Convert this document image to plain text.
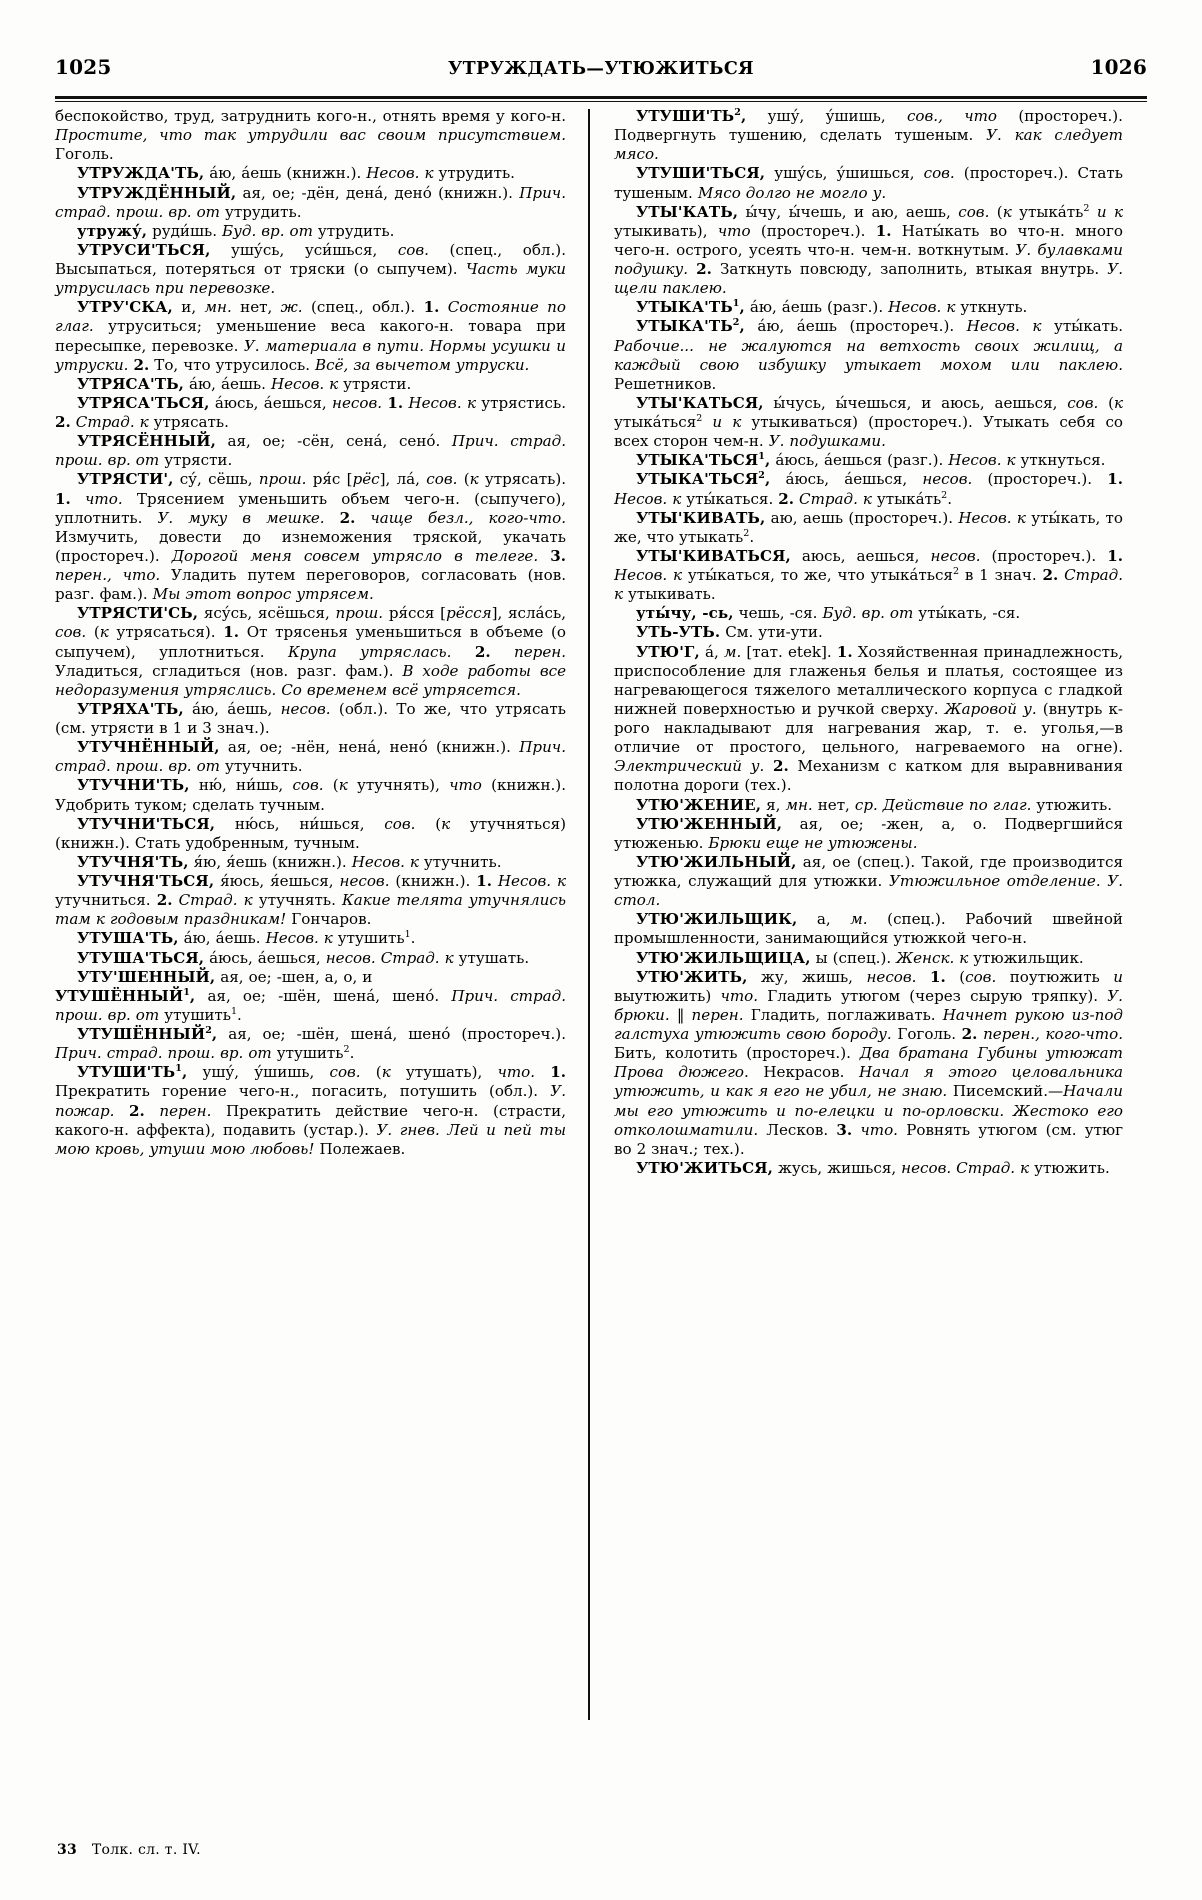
1025	УТРУЖДАТЬ—УТЮЖИТЬСЯ	1026

беспокойство, труд, затруднить кого-н., отнять время у кого-н. Простите, что так утрудили вас своим присутствием. Гоголь.

УТРУЖДА'ТЬ, а́ю, а́ешь (книжн.). Несов. к утрудить.

УТРУЖДЁННЫЙ, ая, ое; -дён, дена́, дено́ (книжн.). Прич. страд. прош. вр. от утрудить.

утружу́, руди́шь. Буд. вр. от утрудить.

УТРУСИ'ТЬСЯ, ушу́сь, уси́шься, сов. (спец., обл.). Высыпаться, потеряться от тряски (о сыпучем). Часть муки утрусилась при перевозке.

УТРУ'СКА, и, мн. нет, ж. (спец., обл.). 1. Состояние по глаг. утруситься; уменьшение веса какого-н. товара при пересыпке, перевозке. У. материала в пути. Нормы усушки и утруски. 2. То, что утрусилось. Всё, за вычетом утруски.

УТРЯСА'ТЬ, а́ю, а́ешь. Несов. к утрясти.

УТРЯСА'ТЬСЯ, а́юсь, а́ешься, несов. 1. Несов. к утрястись. 2. Страд. к утрясать.

УТРЯСЁННЫЙ, ая, ое; -сён, сена́, сено́. Прич. страд. прош. вр. от утрясти.

УТРЯСТИ', су́, сёшь, прош. ря́с [рёс], ла́, сов. (к утрясать). 1. что. Трясением уменьшить объем чего-н. (сыпучего), уплотнить. У. муку в мешке. 2. чаще безл., кого-что. Измучить, довести до изнеможения тряской, укачать (простореч.). Дорогой меня совсем утрясло в телеге. 3. перен., что. Уладить путем переговоров, согласовать (нов. разг. фам.). Мы этот вопрос утрясем.

УТРЯСТИ'СЬ, ясу́сь, ясёшься, прош. ря́сся [рёсся], ясла́сь, сов. (к утрясаться). 1. От трясенья уменьшиться в объеме (о сыпучем), уплотниться. Крупа утряслась. 2. перен. Уладиться, сгладиться (нов. разг. фам.). В ходе работы все недоразумения утряслись. Со временем всё утрясется.

УТРЯХА'ТЬ, а́ю, а́ешь, несов. (обл.). То же, что утрясать (см. утрясти в 1 и 3 знач.).

УТУЧНЁННЫЙ, ая, ое; -нён, нена́, нено́ (книжн.). Прич. страд. прош. вр. от утучнить.

УТУЧНИ'ТЬ, ню́, ни́шь, сов. (к утучнять), что (книжн.). Удобрить туком; сделать тучным.

УТУЧНИ'ТЬСЯ, ню́сь, ни́шься, сов. (к утучняться) (книжн.). Стать удобренным, тучным.

УТУЧНЯ'ТЬ, я́ю, я́ешь (книжн.). Несов. к утучнить.

УТУЧНЯ'ТЬСЯ, я́юсь, я́ешься, несов. (книжн.). 1. Несов. к утучниться. 2. Страд. к утучнять. Какие телята утучнялись там к годовым праздникам! Гончаров.

УТУША'ТЬ, а́ю, а́ешь. Несов. к утушить$^1$.

УТУША'ТЬСЯ, а́юсь, а́ешься, несов. Страд. к утушать.

УТУ'ШЕННЫЙ, ая, ое; -шен, а, о, и

УТУШЁННЫЙ$^1$, ая, ое; -шён, шена́, шено́. Прич. страд. прош. вр. от утушить$^1$.

УТУШЁННЫЙ$^2$, ая, ое; -шён, шена́, шено́ (простореч.). Прич. страд. прош. вр. от утушить$^2$.

$УТУШИ'ТЬ^1$, ушу́, у́шишь, сов. (к утушать), что. 1. Прекратить горение чего-н., погасить, потушить (обл.). У. пожар. 2. перен. Прекратить действие чего-н. (страсти, какого-н. аффекта), подавить (устар.). У. гнев. Лей и пей ты мою кровь, утуши мою любовь! Полежаев.

$УТУШИ'ТЬ^2$, ушу́, у́шишь, сов., что (простореч.). Подвергнуть тушению, сделать тушеным. У. как следует мясо.

УТУШИ'ТЬСЯ, ушу́сь, у́шишься, сов. (простореч.). Стать тушеным. Мясо долго не могло у.

УТЫ'КАТЬ, ы́чу, ы́чешь, и аю, аешь, сов. (к $утыка́ть^2$ и к утыкивать), что (простореч.). 1. Наты́кать во что-н. много чего-н. острого, усеять что-н. чем-н. воткнутым. У. булавками подушку. 2. Заткнуть повсюду, заполнить, втыкая внутрь. У. щели паклею.

$УТЫКА'ТЬ^1$, а́ю, а́ешь (разг.). Несов. к уткнуть.

$УТЫКА'ТЬ^2$, а́ю, а́ешь (простореч.). Несов. к уты́кать. Рабочие... не жалуются на ветхость своих жилищ, а каждый свою избушку утыкает мохом или паклею. Решетников.

УТЫ'КАТЬСЯ, ы́чусь, ы́чешься, и аюсь, аешься, сов. (к утыка́ться$^2$ и к утыкиваться) (простореч.). Утыкать себя со всех сторон чем-н. У. подушками.

УТЫКА'ТЬСЯ$^1$, а́юсь, а́ешься (разг.). Несов. к уткнуться.

УТЫКА'ТЬСЯ$^2$, а́юсь, а́ешься, несов. (простореч.). 1. Несов. к уты́каться. 2. Страд. к $утыка́ть^2$.

УТЫ'КИВАТЬ, аю, аешь (простореч.). Несов. к уты́кать, то же, что утыкать$^2$.

УТЫ'КИВАТЬСЯ, аюсь, аешься, несов. (простореч.). 1. Несов. к уты́каться, то же, что утыка́ться$^2$ в 1 знач. 2. Страд. к утыкивать.

уты́чу, -сь, чешь, -ся. Буд. вр. от уты́кать, -ся.

УТЬ-УТЬ. См. ути-ути.

УТЮ'Г, а́, м. [тат. etek]. 1. Хозяйственная принадлежность, приспособление для глаженья белья и платья, состоящее из нагревающегося тяжелого металлического корпуса с гладкой нижней поверхностью и ручкой сверху. Жаровой у. (внутрь к-рого накладывают для нагревания жар, т. е. уголья,—в отличие от простого, цельного, нагреваемого на огне). Электрический у. 2. Механизм с катком для выравнивания полотна дороги (тех.).

УТЮ'ЖЕНИЕ, я, мн. нет, ср. Действие по глаг. утюжить.

УТЮ'ЖЕННЫЙ, ая, ое; -жен, а, о. Подвергшийся утюженью. Брюки еще не утюжены.

УТЮ'ЖИЛЬНЫЙ, ая, ое (спец.). Такой, где производится утюжка, служащий для утюжки. Утюжильное отделение. У. стол.

УТЮ'ЖИЛЬЩИК, а, м. (спец.). Рабочий швейной промышленности, занимающийся утюжкой чего-н.

УТЮ'ЖИЛЬЩИЦА, ы (спец.). Женск. к утюжильщик.

УТЮ'ЖИТЬ, жу, жишь, несов. 1. (сов. поутюжить и выутюжить) что. Гладить утюгом (через сырую тряпку). У. брюки. ‖ перен. Гладить, поглаживать. Начнет рукою из-под галстуха утюжить свою бороду. Гоголь. 2. перен., кого-что. Бить, колотить (простореч.). Два братана Губины утюжат Прова дюжего. Некрасов. Начал я этого целовальника утюжить, и как я его не убил, не знаю. Писемский.—Начали мы его утюжить и по-елецки и по-орловски. Жестоко его отколошматили. Лесков. 3. что. Ровнять утюгом (см. утюг во 2 знач.; тех.).

УТЮ'ЖИТЬСЯ, жусь, жишься, несов. Страд. к утюжить.

33 Толк. сл. т. IV.
